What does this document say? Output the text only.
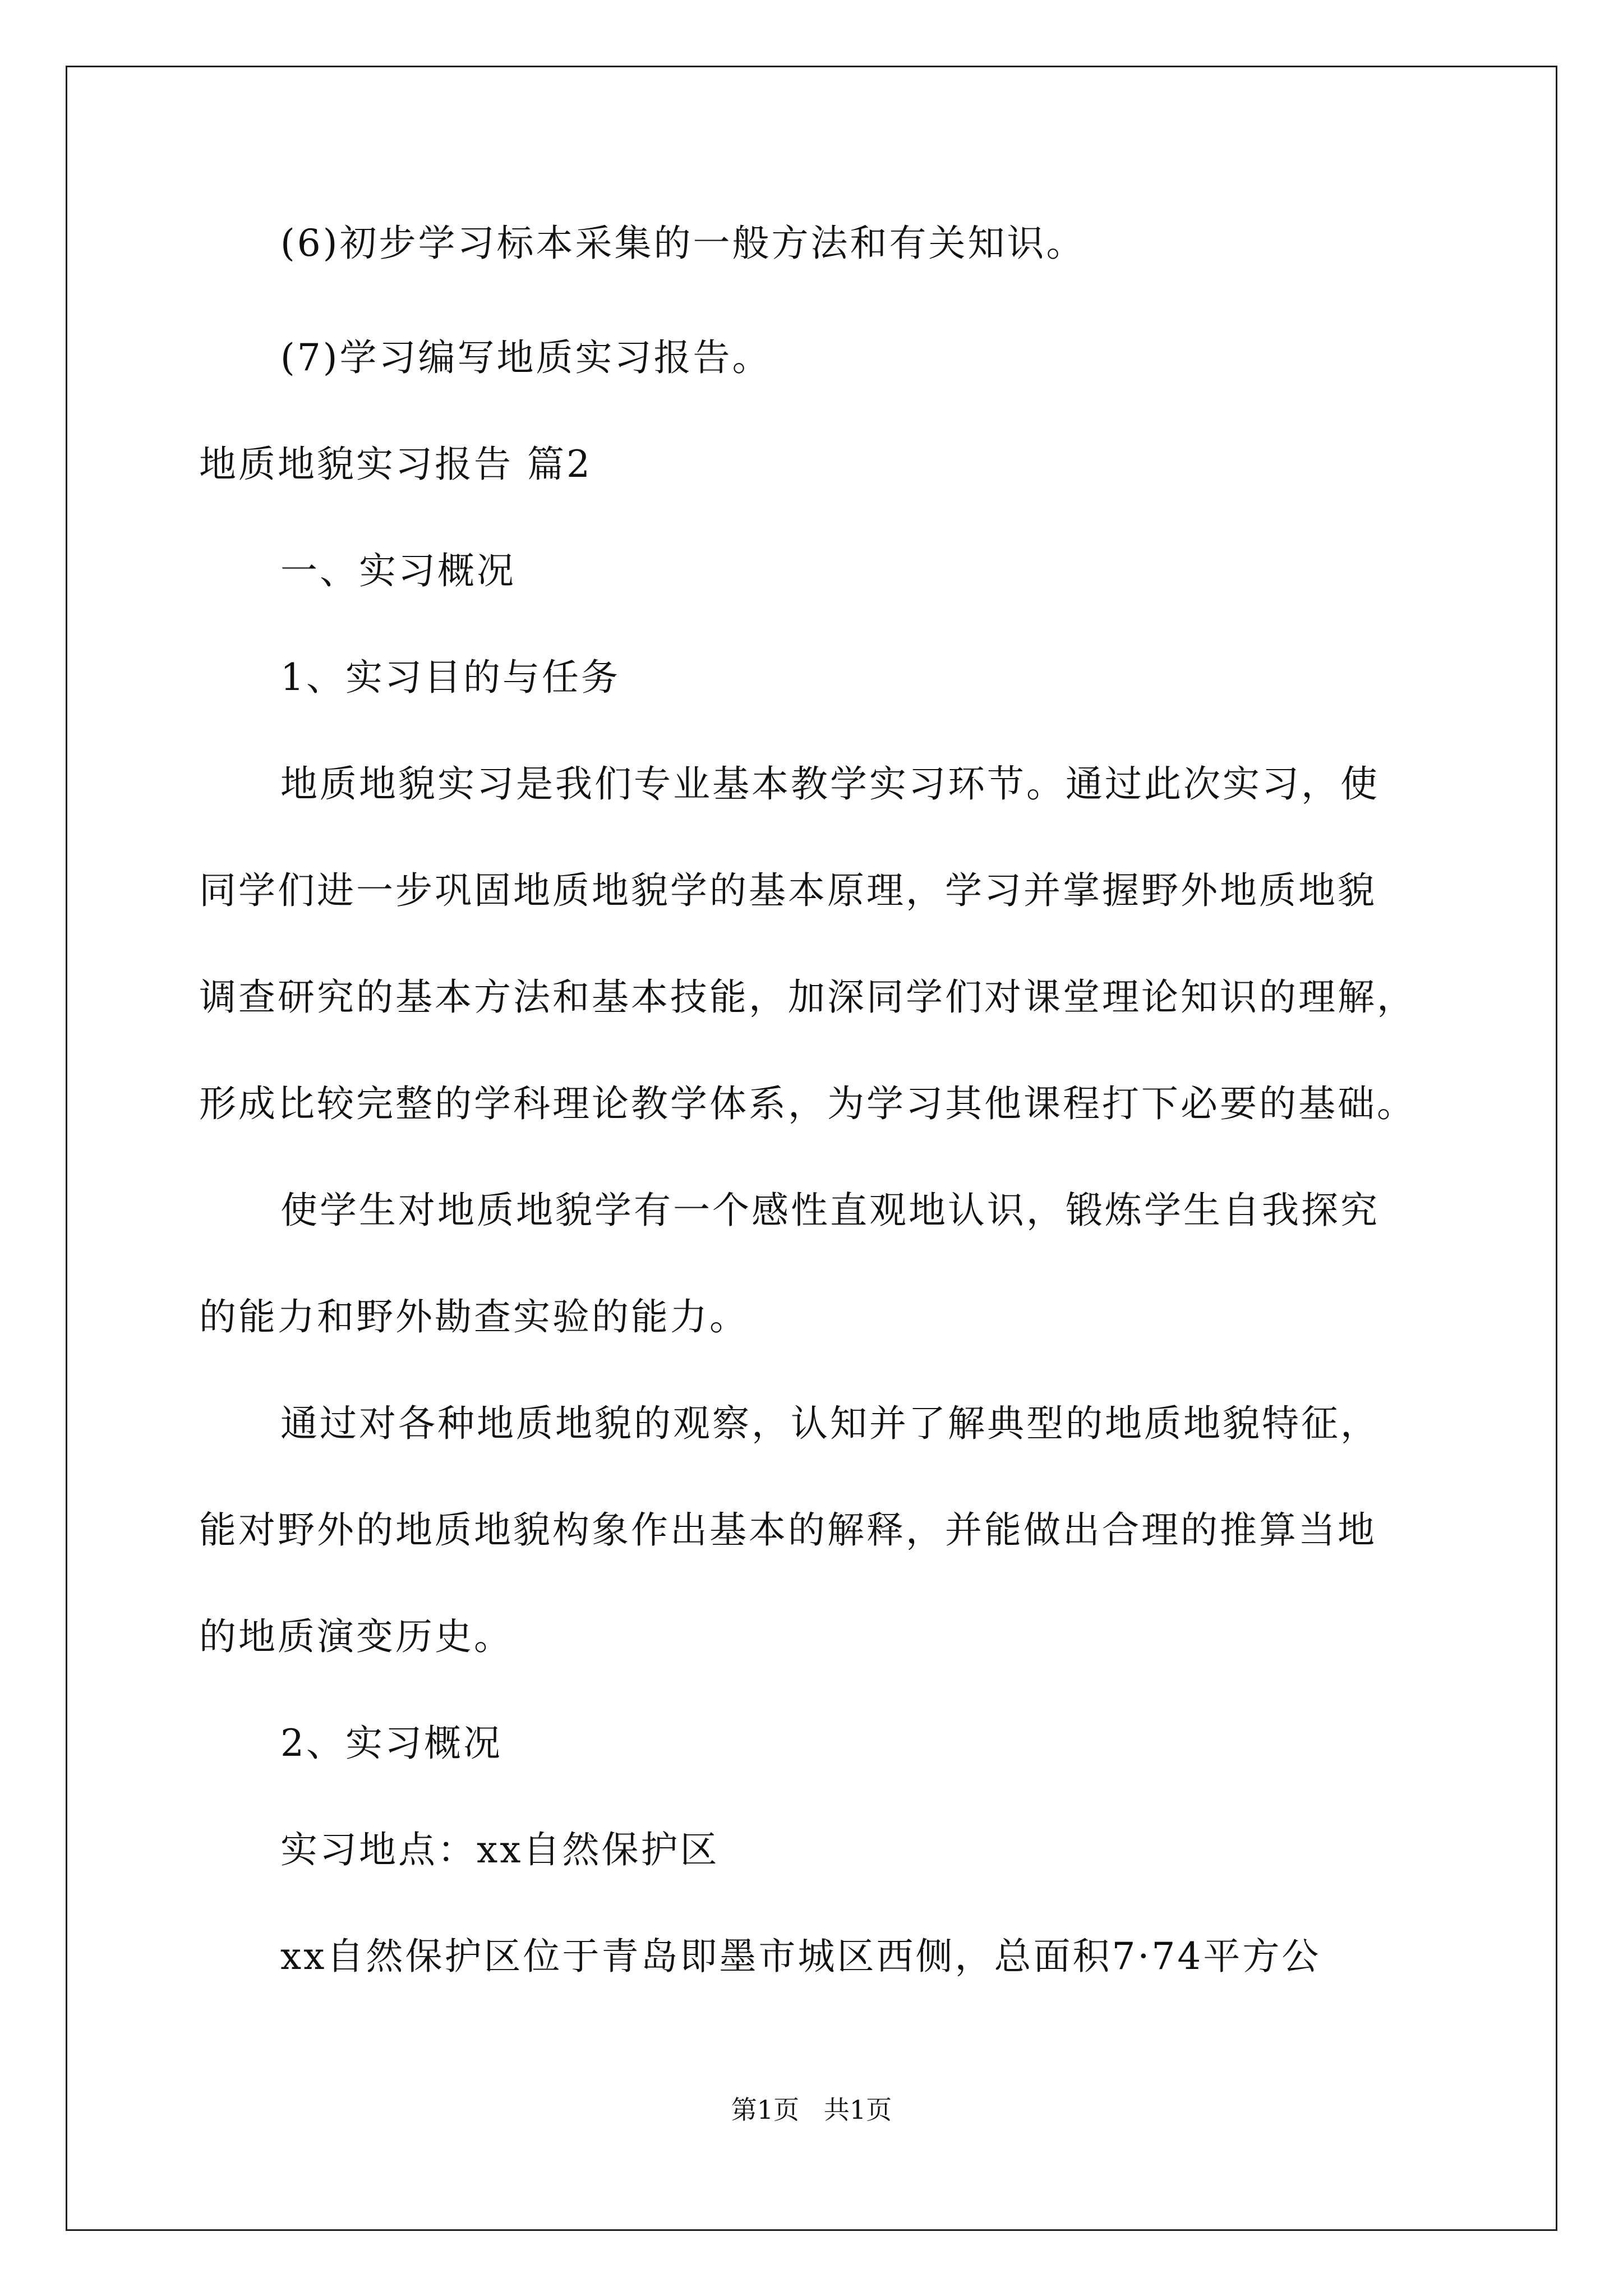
(6)初步学习标本采集的一般方法和有关知识。
(7)学习编写地质实习报告。
地质地貌实习报告 篇2
一、实习概况
1、实习目的与任务
地质地貌实习是我们专业基本教学实习环节。通过此次实习，使
同学们进一步巩固地质地貌学的基本原理，学习并掌握野外地质地貌
调查研究的基本方法和基本技能，加深同学们对课堂理论知识的理解，
形成比较完整的学科理论教学体系，为学习其他课程打下必要的基础。
使学生对地质地貌学有一个感性直观地认识，锻炼学生自我探究
的能力和野外勘查实验的能力。
通过对各种地质地貌的观察，认知并了解典型的地质地貌特征，
能对野外的地质地貌构象作出基本的解释，并能做出合理的推算当地
的地质演变历史。
2、实习概况
实习地点：xx自然保护区
xx自然保护区位于青岛即墨市城区西侧，总面积7·74平方公
第1页   共1页
